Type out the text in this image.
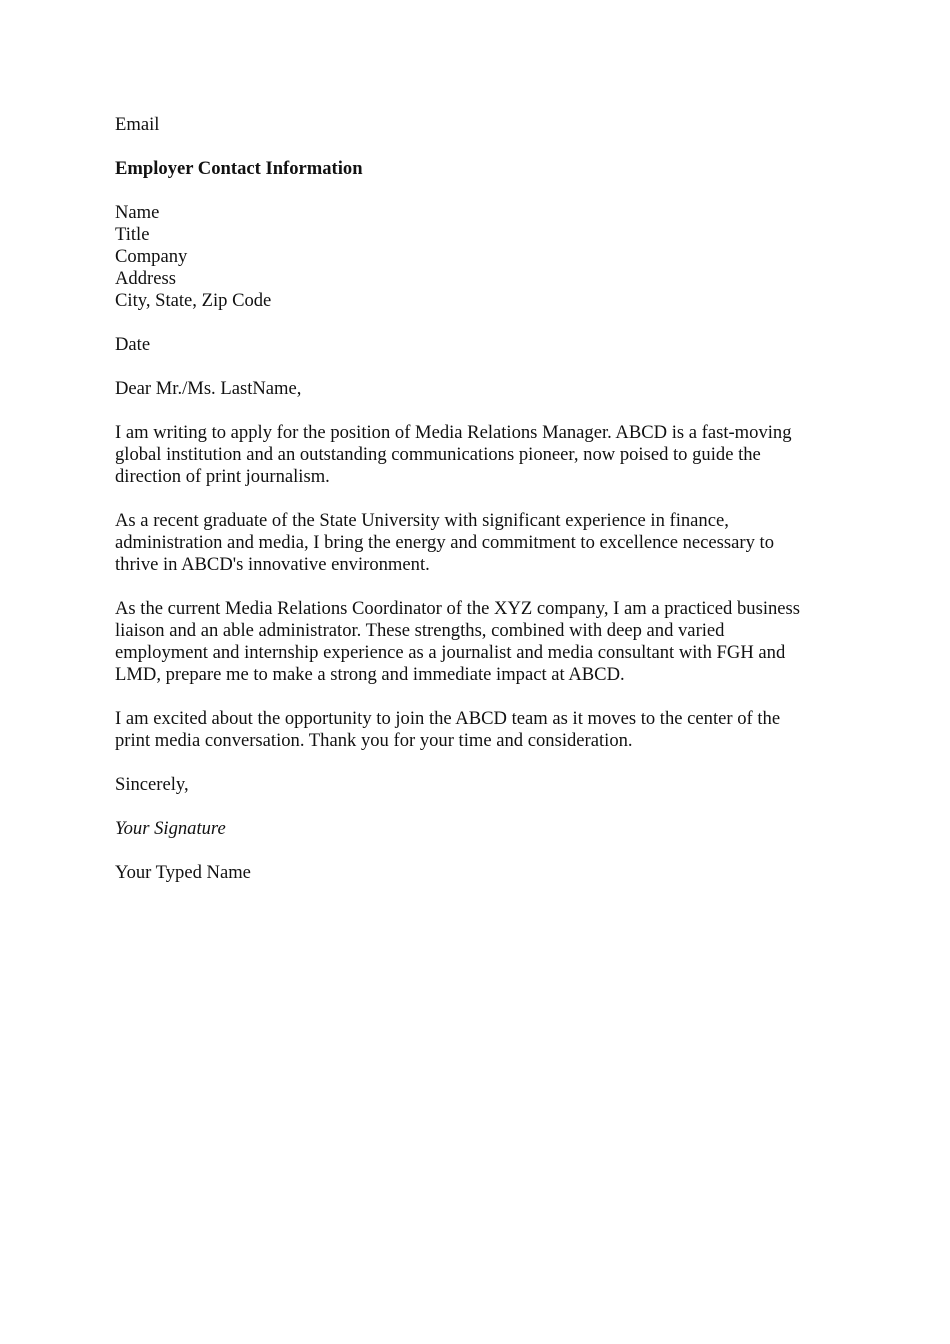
Email
Employer Contact Information
Name
Title
Company
Address
City, State, Zip Code
Date
Dear Mr./Ms. LastName,
I am writing to apply for the position of Media Relations Manager. ABCD is a fast-moving
global institution and an outstanding communications pioneer, now poised to guide the
direction of print journalism.
As a recent graduate of the State University with significant experience in finance,
administration and media, I bring the energy and commitment to excellence necessary to
thrive in ABCD's innovative environment.
As the current Media Relations Coordinator of the XYZ company, I am a practiced business
liaison and an able administrator. These strengths, combined with deep and varied
employment and internship experience as a journalist and media consultant with FGH and
LMD, prepare me to make a strong and immediate impact at ABCD.
I am excited about the opportunity to join the ABCD team as it moves to the center of the
print media conversation. Thank you for your time and consideration.
Sincerely,
Your Signature
Your Typed Name
